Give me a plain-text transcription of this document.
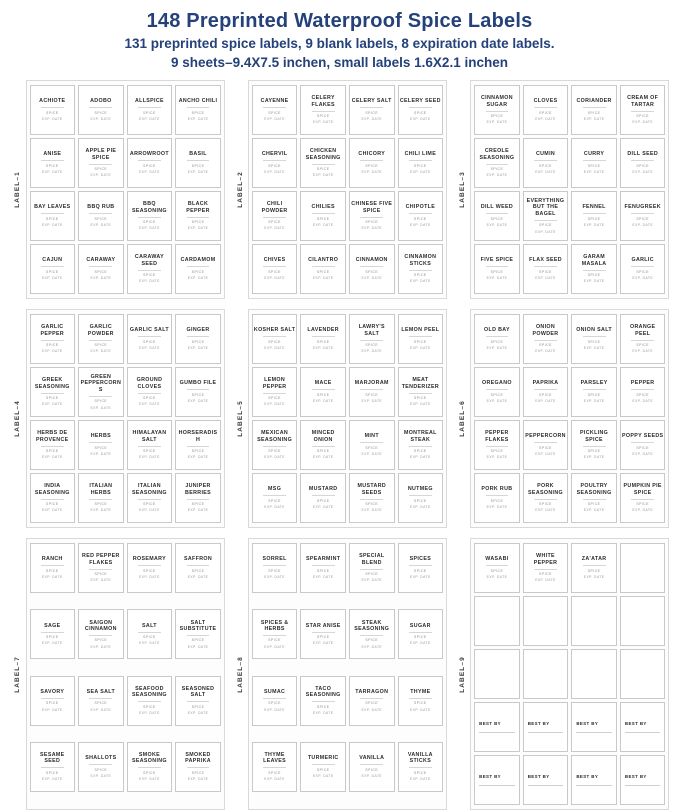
148 Preprinted Waterproof Spice Labels
131 preprinted spice labels, 9 blank labels, 8 expiration date labels.
9 sheets–9.4X7.5 inchen, small labels 1.6X2.1 inchen
LABEL–1
ACHIOTE
SPICE
EXP. DATE
ADOBO
SPICE
EXP. DATE
ALLSPICE
SPICE
EXP. DATE
ANCHO CHILI
SPICE
EXP. DATE
ANISE
SPICE
EXP. DATE
APPLE PIE SPICE
SPICE
EXP. DATE
ARROWROOT
SPICE
EXP. DATE
BASIL
SPICE
EXP. DATE
BAY LEAVES
SPICE
EXP. DATE
BBQ RUB
SPICE
EXP. DATE
BBQ SEASONING
SPICE
EXP. DATE
BLACK PEPPER
SPICE
EXP. DATE
CAJUN
SPICE
EXP. DATE
CARAWAY
SPICE
EXP. DATE
CARAWAY SEED
SPICE
EXP. DATE
CARDAMOM
SPICE
EXP. DATE
LABEL–2
CAYENNE
SPICE
EXP. DATE
CELERY FLAKES
SPICE
EXP. DATE
CELERY SALT
SPICE
EXP. DATE
CELERY SEED
SPICE
EXP. DATE
CHERVIL
SPICE
EXP. DATE
CHICKEN SEASONING
SPICE
EXP. DATE
CHICORY
SPICE
EXP. DATE
CHILI LIME
SPICE
EXP. DATE
CHILI POWDER
SPICE
EXP. DATE
CHILIES
SPICE
EXP. DATE
CHINESE FIVE SPICE
SPICE
EXP. DATE
CHIPOTLE
SPICE
EXP. DATE
CHIVES
SPICE
EXP. DATE
CILANTRO
SPICE
EXP. DATE
CINNAMON
SPICE
EXP. DATE
CINNAMON STICKS
SPICE
EXP. DATE
LABEL–3
CINNAMON SUGAR
SPICE
EXP. DATE
CLOVES
SPICE
EXP. DATE
CORIANDER
SPICE
EXP. DATE
CREAM OF TARTAR
SPICE
EXP. DATE
CREOLE SEASONING
SPICE
EXP. DATE
CUMIN
SPICE
EXP. DATE
CURRY
SPICE
EXP. DATE
DILL SEED
SPICE
EXP. DATE
DILL WEED
SPICE
EXP. DATE
EVERYTHING BUT THE BAGEL
SPICE
EXP. DATE
FENNEL
SPICE
EXP. DATE
FENUGREEK
SPICE
EXP. DATE
FIVE SPICE
SPICE
EXP. DATE
FLAX SEED
SPICE
EXP. DATE
GARAM MASALA
SPICE
EXP. DATE
GARLIC
SPICE
EXP. DATE
LABEL–4
GARLIC PEPPER
SPICE
EXP. DATE
GARLIC POWDER
SPICE
EXP. DATE
GARLIC SALT
SPICE
EXP. DATE
GINGER
SPICE
EXP. DATE
GREEK SEASONING
SPICE
EXP. DATE
GREEN PEPPERCORNS
SPICE
EXP. DATE
GROUND CLOVES
SPICE
EXP. DATE
GUMBO FILE
SPICE
EXP. DATE
HERBS DE PROVENCE
SPICE
EXP. DATE
HERBS
SPICE
EXP. DATE
HIMALAYAN SALT
SPICE
EXP. DATE
HORSERADISH
SPICE
EXP. DATE
INDIA SEASONING
SPICE
EXP. DATE
ITALIAN HERBS
SPICE
EXP. DATE
ITALIAN SEASONING
SPICE
EXP. DATE
JUNIPER BERRIES
SPICE
EXP. DATE
LABEL–5
KOSHER SALT
SPICE
EXP. DATE
LAVENDER
SPICE
EXP. DATE
LAWRY'S SALT
SPICE
EXP. DATE
LEMON PEEL
SPICE
EXP. DATE
LEMON PEPPER
SPICE
EXP. DATE
MACE
SPICE
EXP. DATE
MARJORAM
SPICE
EXP. DATE
MEAT TENDERIZER
SPICE
EXP. DATE
MEXICAN SEASONING
SPICE
EXP. DATE
MINCED ONION
SPICE
EXP. DATE
MINT
SPICE
EXP. DATE
MONTREAL STEAK
SPICE
EXP. DATE
MSG
SPICE
EXP. DATE
MUSTARD
SPICE
EXP. DATE
MUSTARD SEEDS
SPICE
EXP. DATE
NUTMEG
SPICE
EXP. DATE
LABEL–6
OLD BAY
SPICE
EXP. DATE
ONION POWDER
SPICE
EXP. DATE
ONION SALT
SPICE
EXP. DATE
ORANGE PEEL
SPICE
EXP. DATE
OREGANO
SPICE
EXP. DATE
PAPRIKA
SPICE
EXP. DATE
PARSLEY
SPICE
EXP. DATE
PEPPER
SPICE
EXP. DATE
PEPPER FLAKES
SPICE
EXP. DATE
PEPPERCORN
SPICE
EXP. DATE
PICKLING SPICE
SPICE
EXP. DATE
POPPY SEEDS
SPICE
EXP. DATE
PORK RUB
SPICE
EXP. DATE
PORK SEASONING
SPICE
EXP. DATE
POULTRY SEASONING
SPICE
EXP. DATE
PUMPKIN PIE SPICE
SPICE
EXP. DATE
LABEL–7
RANCH
SPICE
EXP. DATE
RED PEPPER FLAKES
SPICE
EXP. DATE
ROSEMARY
SPICE
EXP. DATE
SAFFRON
SPICE
EXP. DATE
SAGE
SPICE
EXP. DATE
SAIGON CINNAMON
SPICE
EXP. DATE
SALT
SPICE
EXP. DATE
SALT SUBSTITUTE
SPICE
EXP. DATE
SAVORY
SPICE
EXP. DATE
SEA SALT
SPICE
EXP. DATE
SEAFOOD SEASONING
SPICE
EXP. DATE
SEASONED SALT
SPICE
EXP. DATE
SESAME SEED
SPICE
EXP. DATE
SHALLOTS
SPICE
EXP. DATE
SMOKE SEASONING
SPICE
EXP. DATE
SMOKED PAPRIKA
SPICE
EXP. DATE
LABEL–8
SORREL
SPICE
EXP. DATE
SPEARMINT
SPICE
EXP. DATE
SPECIAL BLEND
SPICE
EXP. DATE
SPICES
SPICE
EXP. DATE
SPICES & HERBS
SPICE
EXP. DATE
STAR ANISE
SPICE
EXP. DATE
STEAK SEASONING
SPICE
EXP. DATE
SUGAR
SPICE
EXP. DATE
SUMAC
SPICE
EXP. DATE
TACO SEASONING
SPICE
EXP. DATE
TARRAGON
SPICE
EXP. DATE
THYME
SPICE
EXP. DATE
THYME LEAVES
SPICE
EXP. DATE
TURMERIC
SPICE
EXP. DATE
VANILLA
SPICE
EXP. DATE
VANILLA STICKS
SPICE
EXP. DATE
LABEL–9
WASABI
SPICE
EXP. DATE
WHITE PEPPER
SPICE
EXP. DATE
ZA'ATAR
SPICE
EXP. DATE
BEST BY	BEST BY	BEST BY	BEST BY
BEST BY	BEST BY	BEST BY	BEST BY
